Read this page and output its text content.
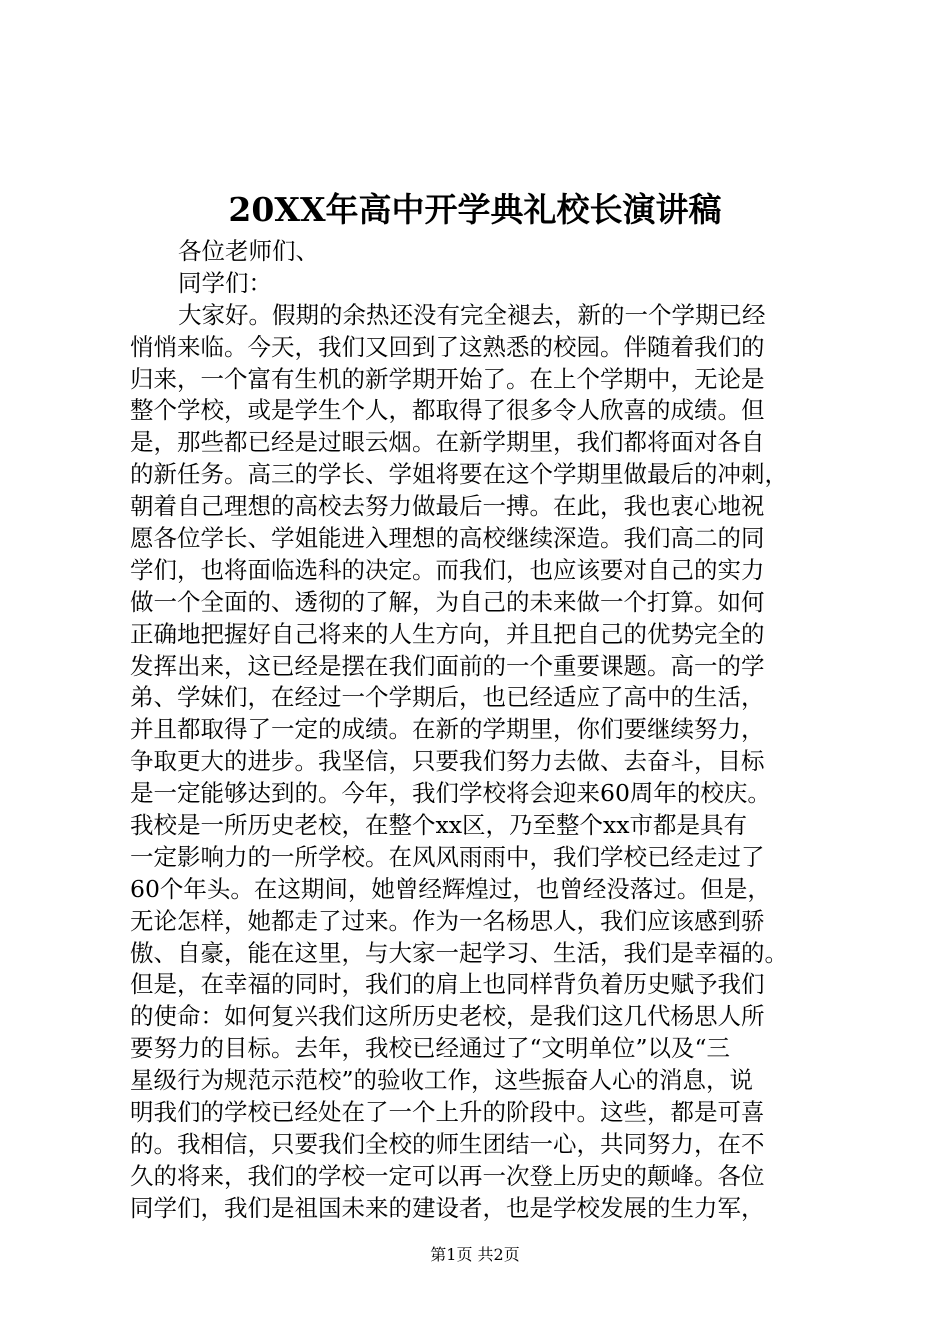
20XX年高中开学典礼校长演讲稿
各位老师们、
同学们：
大家好。假期的余热还没有完全褪去，新的一个学期已经
悄悄来临。今天，我们又回到了这熟悉的校园。伴随着我们的
归来，一个富有生机的新学期开始了。在上个学期中，无论是
整个学校，或是学生个人，都取得了很多令人欣喜的成绩。但
是，那些都已经是过眼云烟。在新学期里，我们都将面对各自
的新任务。高三的学长、学姐将要在这个学期里做最后的冲刺，
朝着自己理想的高校去努力做最后一搏。在此，我也衷心地祝
愿各位学长、学姐能进入理想的高校继续深造。我们高二的同
学们，也将面临选科的决定。而我们，也应该要对自己的实力
做一个全面的、透彻的了解，为自己的未来做一个打算。如何
正确地把握好自己将来的人生方向，并且把自己的优势完全的
发挥出来，这已经是摆在我们面前的一个重要课题。高一的学
弟、学妹们，在经过一个学期后，也已经适应了高中的生活，
并且都取得了一定的成绩。在新的学期里，你们要继续努力，
争取更大的进步。我坚信，只要我们努力去做、去奋斗，目标
是一定能够达到的。今年，我们学校将会迎来60周年的校庆。
我校是一所历史老校，在整个xx区，乃至整个xx市都是具有
一定影响力的一所学校。在风风雨雨中，我们学校已经走过了
60个年头。在这期间，她曾经辉煌过，也曾经没落过。但是，
无论怎样，她都走了过来。作为一名杨思人，我们应该感到骄
傲、自豪，能在这里，与大家一起学习、生活，我们是幸福的。
但是，在幸福的同时，我们的肩上也同样背负着历史赋予我们
的使命：如何复兴我们这所历史老校，是我们这几代杨思人所
要努力的目标。去年，我校已经通过了“文明单位”以及“三
星级行为规范示范校”的验收工作，这些振奋人心的消息，说
明我们的学校已经处在了一个上升的阶段中。这些，都是可喜
的。我相信，只要我们全校的师生团结一心，共同努力，在不
久的将来，我们的学校一定可以再一次登上历史的颠峰。各位
同学们，我们是祖国未来的建设者，也是学校发展的生力军，
第1页 共2页
